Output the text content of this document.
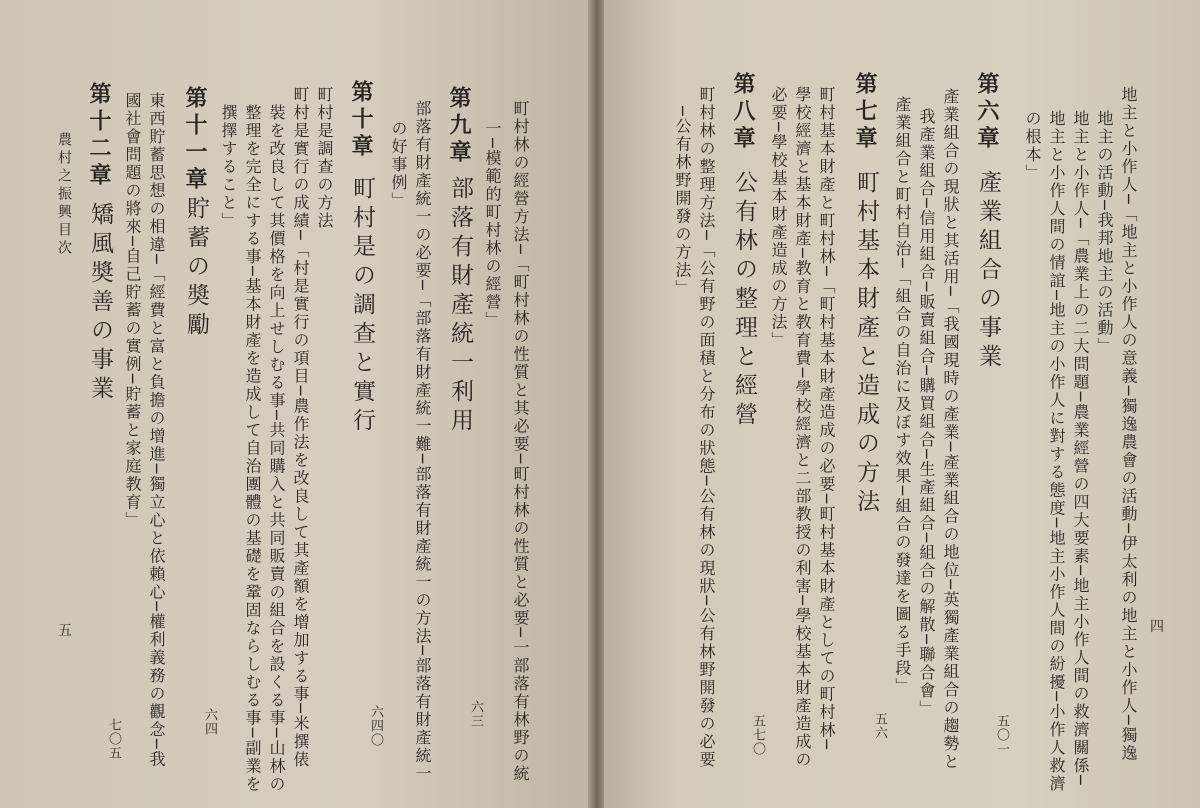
農村之振興目次
五	町村林の經營方法─「町村林の性質と其必要─町村林の性質と必要─一部落有林野の統
一─模範的町村林の經營」
第九章
部落有財產統一利用
部落有財產統一の必要─「部落有財產統一難─部落有財產統一の方法─部落有財產統一
の好事例」
第十章
町村是の調查と實行
町村是調查の方法
町村是實行の成績─「村是實行の項目─農作法を改良して其產額を增加する事─米撰俵
裝を改良して其價格を向上せしむる事─共同購入と共同販賣の組合を設くる事─山林の
整理を完全にする事─基本財產を造成して自治團體の基礎を鞏固ならしむる事─副業を
撰擇すること」
第十一章
貯蓄の奬勵
東西貯蓄思想の相違─「經費と富と負擔の增進─獨立心と依賴心─權利義務の觀念─我
國社會問題の將來─自己貯蓄の實例─貯蓄と家庭教育」
第十二章
矯風奬善の事業
六三
六四〇
六四
七〇五
四
地主と小作人─「地主と小作人の意義─獨逸農會の活動─伊太利の地主と小作人─獨逸
地主の活動─我邦地主の活動」
地主と小作人─「農業上の二大問題─農業經營の四大要素─地主小作人間の救濟關係─
地主と小作人間の情誼─地主の小作人に對する態度─地主小作人間の紛擾─小作人救濟
の根本」
第六章
產業組合の事業
產業組合の現狀と其活用─「我國現時の產業─產業組合の地位─英獨產業組合の趨勢と
我產業組合─信用組合─販賣組合─購買組合─生產組合─組合の解散─聯合會」
產業組合と町村自治─「組合の自治に及ぼす效果─組合の發達を圖る手段」
第七章
町村基本財產と造成の方法
町村基本財產と町村林─「町村基本財產造成の必要─町村基本財產としての町村林─
學校經濟と基本財產─教育と教育費─學校經濟と二部教授の利害─學校基本財產造成の
必要─學校基本財產造成の方法」
第八章
公有林の整理と經營
町村林の整理方法─「公有野の面積と分布の狀態─公有林の現狀─公有林野開發の必要
─公有林野開發の方法」
五〇一
五六
五七〇
